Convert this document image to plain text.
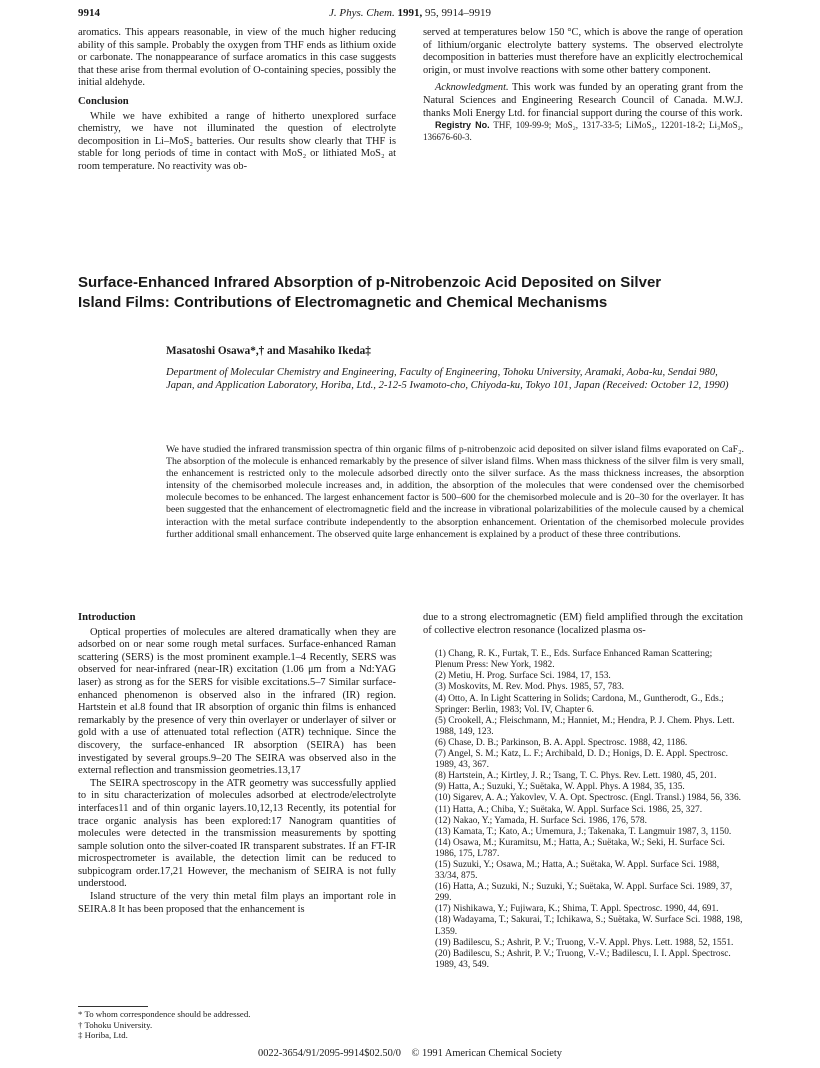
9914	J. Phys. Chem. 1991, 95, 9914–9919

aromatics. This appears reasonable, in view of the much higher reducing ability of this sample. Probably the oxygen from THF ends as lithium oxide or carbonate. The nonappearance of surface aromatics in this case suggests that these arise from thermal evolution of O-containing species, possibly the initial aldehyde.

Conclusion

While we have exhibited a range of hitherto unexplored surface chemistry, we have not illuminated the question of electrolyte decomposition in Li–MoS₂ batteries. Our results show clearly that THF is stable for long periods of time in contact with MoS₂ or lithiated MoS₂ at room temperature. No reactivity was ob-

served at temperatures below 150 °C, which is above the range of operation of lithium/organic electrolyte battery systems. The observed electrolyte decomposition in batteries must therefore have an explicitly electrochemical origin, or must involve reactions with some other battery component.

Acknowledgment. This work was funded by an operating grant from the Natural Sciences and Engineering Research Council of Canada. M.W.J. thanks Moli Energy Ltd. for financial support during the course of this work.

Registry No. THF, 109-99-9; MoS₂, 1317-33-5; LiMoS₂, 12201-18-2; Li₃MoS₂, 136676-60-3.

Surface-Enhanced Infrared Absorption of p-Nitrobenzoic Acid Deposited on Silver
Island Films: Contributions of Electromagnetic and Chemical Mechanisms
Masatoshi Osawa*,† and Masahiko Ikeda‡
Department of Molecular Chemistry and Engineering, Faculty of Engineering, Tohoku University, Aramaki, Aoba-ku, Sendai 980, Japan, and Application Laboratory, Horiba, Ltd., 2-12-5 Iwamoto-cho, Chiyoda-ku, Tokyo 101, Japan (Received: October 12, 1990)
We have studied the infrared transmission spectra of thin organic films of p-nitrobenzoic acid deposited on silver island films evaporated on CaF₂. The absorption of the molecule is enhanced remarkably by the presence of silver island films. When mass thickness of the silver film is very small, the enhancement is restricted only to the molecule adsorbed directly onto the silver surface. As the mass thickness increases, the absorption intensity of the chemisorbed molecule increases and, in addition, the absorption of the molecules that were condensed over the chemisorbed molecule becomes to be enhanced. The largest enhancement factor is 500–600 for the chemisorbed molecule and is 20–30 for the overlayer. It has been suggested that the enhancement of electromagnetic field and the increase in vibrational polarizabilities of the molecule caused by a chemical interaction with the metal surface contribute independently to the absorption enhancement. Orientation of the chemisorbed molecule provides further additional small enhancement. The observed quite large enhancement is explained by a product of these three contributions.
Introduction

Optical properties of molecules are altered dramatically when they are adsorbed on or near some rough metal surfaces. Surface-enhanced Raman scattering (SERS) is the most prominent example.1–4 Recently, SERS was observed for near-infrared (near-IR) excitation (1.06 μm from a Nd:YAG laser) as strong as for the SERS for visible excitations.5–7 Similar surface-enhanced phenomenon is observed also in the infrared (IR) region. Hartstein et al.8 found that IR absorption of organic thin films is enhanced remarkably by the presence of very thin overlayer or underlayer of silver or gold with a use of attenuated total reflection (ATR) technique. Since the discovery, the surface-enhanced IR absorption (SEIRA) has been investigated by several groups.9–20 The SEIRA was observed also in the external reflection and transmission geometries.13,17

The SEIRA spectroscopy in the ATR geometry was successfully applied to in situ characterization of molecules adsorbed at electrode/electrolyte interfaces11 and of thin organic layers.10,12,13 Recently, its potential for trace organic analysis has been explored:17 Nanogram quantities of molecules were detected in the transmission measurements by spotting sample solution onto the silver-coated IR transparent substrates. If an FT-IR microspectrometer is available, the detection limit can be reduced to subpicogram order.17,21 However, the mechanism of SEIRA is not fully understood.

Island structure of the very thin metal film plays an important role in SEIRA.8 It has been proposed that the enhancement is

due to a strong electromagnetic (EM) field amplified through the excitation of collective electron resonance (localized plasma os-

(1) Chang, R. K., Furtak, T. E., Eds. Surface Enhanced Raman Scattering; Plenum Press: New York, 1982.
(2) Metiu, H. Prog. Surface Sci. 1984, 17, 153.
(3) Moskovits, M. Rev. Mod. Phys. 1985, 57, 783.
(4) Otto, A. In Light Scattering in Solids; Cardona, M., Guntherodt, G., Eds.; Springer: Berlin, 1983; Vol. IV, Chapter 6.
(5) Crookell, A.; Fleischmann, M.; Hanniet, M.; Hendra, P. J. Chem. Phys. Lett. 1988, 149, 123.
(6) Chase, D. B.; Parkinson, B. A. Appl. Spectrosc. 1988, 42, 1186.
(7) Angel, S. M.; Katz, L. F.; Archibald, D. D.; Honigs, D. E. Appl. Spectrosc. 1989, 43, 367.
(8) Hartstein, A.; Kirtley, J. R.; Tsang, T. C. Phys. Rev. Lett. 1980, 45, 201.
(9) Hatta, A.; Suzuki, Y.; Suëtaka, W. Appl. Phys. A 1984, 35, 135.
(10) Sigarev, A. A.; Yakovlev, V. A. Opt. Spectrosc. (Engl. Transl.) 1984, 56, 336.
(11) Hatta, A.; Chiba, Y.; Suëtaka, W. Appl. Surface Sci. 1986, 25, 327.
(12) Nakao, Y.; Yamada, H. Surface Sci. 1986, 176, 578.
(13) Kamata, T.; Kato, A.; Umemura, J.; Takenaka, T. Langmuir 1987, 3, 1150.
(14) Osawa, M.; Kuramitsu, M.; Hatta, A.; Suëtaka, W.; Seki, H. Surface Sci. 1986, 175, L787.
(15) Suzuki, Y.; Osawa, M.; Hatta, A.; Suëtaka, W. Appl. Surface Sci. 1988, 33/34, 875.
(16) Hatta, A.; Suzuki, N.; Suzuki, Y.; Suëtaka, W. Appl. Surface Sci. 1989, 37, 299.
(17) Nishikawa, Y.; Fujiwara, K.; Shima, T. Appl. Spectrosc. 1990, 44, 691.
(18) Wadayama, T.; Sakurai, T.; Ichikawa, S.; Suëtaka, W. Surface Sci. 1988, 198, L359.
(19) Badilescu, S.; Ashrit, P. V.; Truong, V.-V. Appl. Phys. Lett. 1988, 52, 1551.
(20) Badilescu, S.; Ashrit, P. V.; Truong, V.-V.; Badilescu, I. I. Appl. Spectrosc. 1989, 43, 549.
* To whom correspondence should be addressed.
† Tohoku University.
‡ Horiba, Ltd.
0022-3654/91/2095-9914$02.50/0 © 1991 American Chemical Society
